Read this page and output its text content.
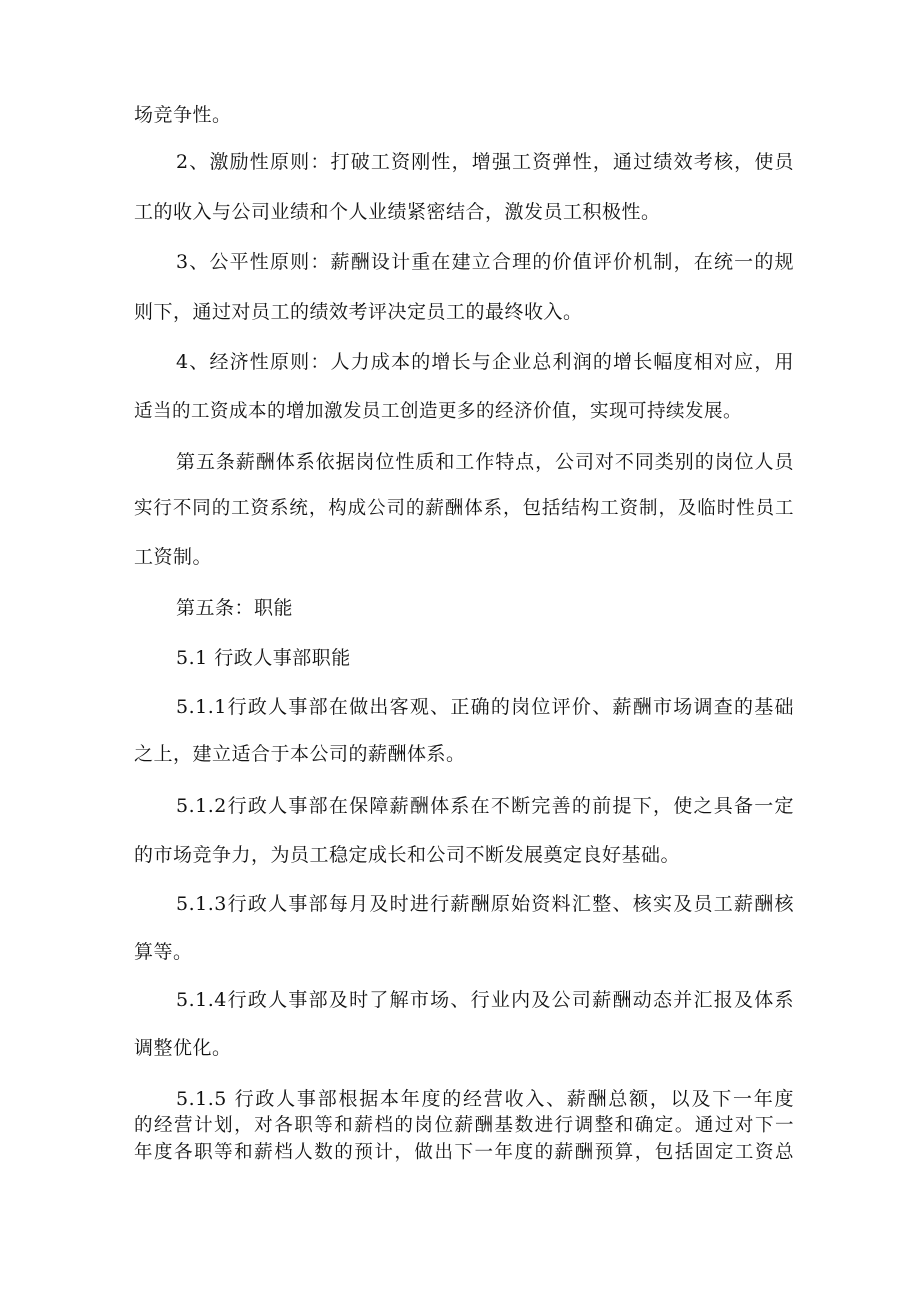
场竞争性。
2、激励性原则：打破工资刚性，增强工资弹性，通过绩效考核，使员
工的收入与公司业绩和个人业绩紧密结合，激发员工积极性。
3、公平性原则：薪酬设计重在建立合理的价值评价机制，在统一的规
则下，通过对员工的绩效考评决定员工的最终收入。
4、经济性原则：人力成本的增长与企业总利润的增长幅度相对应，用
适当的工资成本的增加激发员工创造更多的经济价值，实现可持续发展。
第五条薪酬体系依据岗位性质和工作特点，公司对不同类别的岗位人员
实行不同的工资系统，构成公司的薪酬体系，包括结构工资制，及临时性员工
工资制。
第五条：职能
5.1 行政人事部职能
5.1.1行政人事部在做出客观、正确的岗位评价、薪酬市场调查的基础
之上，建立适合于本公司的薪酬体系。
5.1.2行政人事部在保障薪酬体系在不断完善的前提下，使之具备一定
的市场竞争力，为员工稳定成长和公司不断发展奠定良好基础。
5.1.3行政人事部每月及时进行薪酬原始资料汇整、核实及员工薪酬核
算等。
5.1.4行政人事部及时了解市场、行业内及公司薪酬动态并汇报及体系
调整优化。
5.1.5 行政人事部根据本年度的经营收入、薪酬总额，以及下一年度
的经营计划，对各职等和薪档的岗位薪酬基数进行调整和确定。通过对下一
年度各职等和薪档人数的预计，做出下一年度的薪酬预算，包括固定工资总
